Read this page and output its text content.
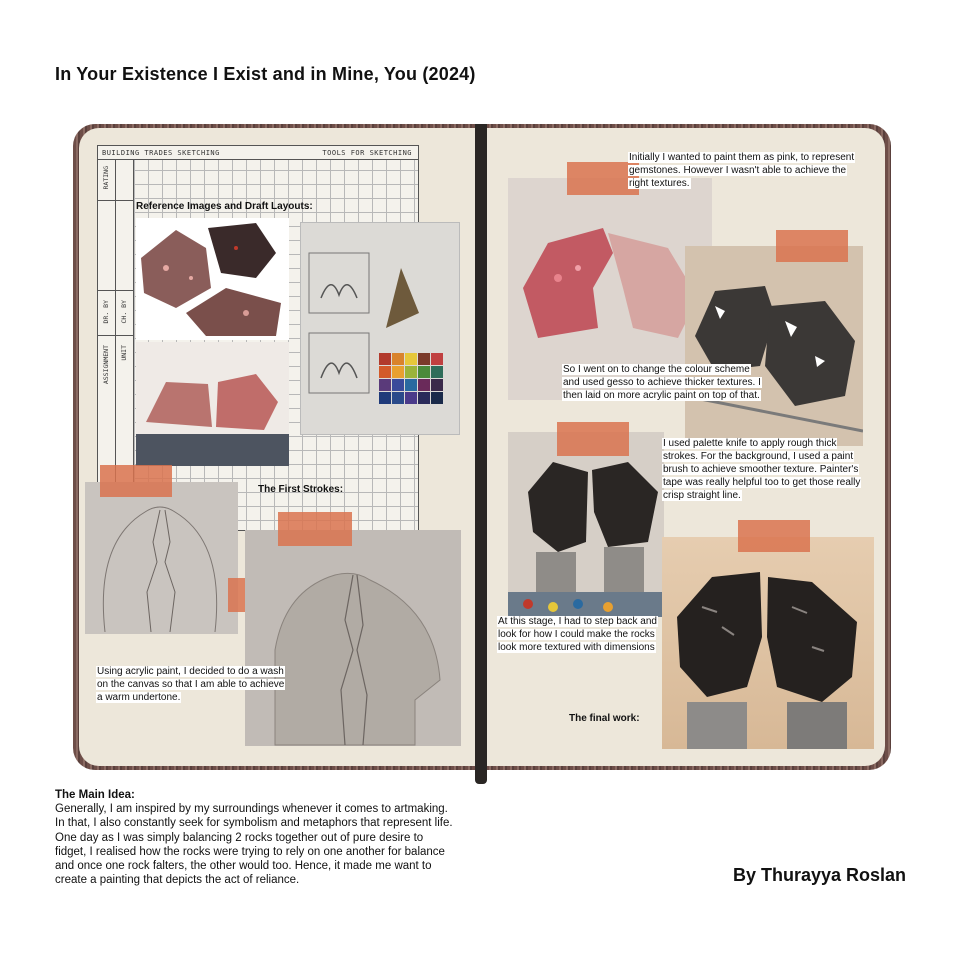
In Your Existence I Exist and in Mine, You (2024)
BUILDING TRADES SKETCHING	TOOLS FOR SKETCHING
RATING
DR. BY CH. BY
ASSIGNMENT UNIT
Reference Images and Draft Layouts:
The First Strokes:
Using acrylic paint, I decided to do a wash on the canvas so that I am able to achieve a warm undertone.
Initially I wanted to paint them as pink, to represent gemstones. However I wasn't able to achieve the right textures.
So I went on to change the colour scheme and used gesso to achieve thicker textures. I then laid on more acrylic paint on top of that.
I used palette knife to apply rough thick strokes. For the background, I used a paint brush to achieve smoother texture. Painter's tape was really helpful too to get those really crisp straight line.
At this stage, I had to step back and look for how I could make the rocks look more textured with dimensions
The final work:
The Main Idea:
Generally, I am inspired by my surroundings whenever it comes to artmaking. In that, I also constantly seek for symbolism and metaphors that represent life. One day as I was simply balancing 2 rocks together out of pure desire to fidget, I realised how the rocks were trying to rely on one another for balance and once one rock falters, the other would too. Hence, it made me want to create a painting that depicts the act of reliance.	By Thurayya Roslan
